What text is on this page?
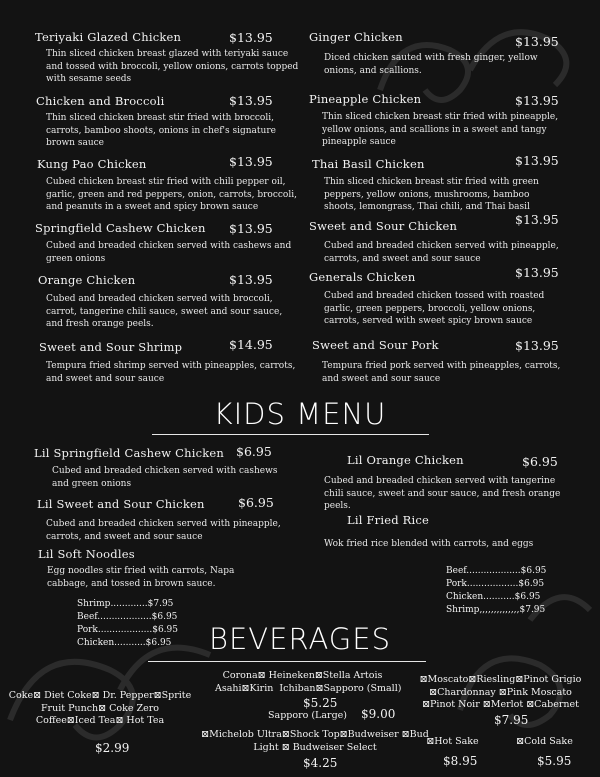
Teriyaki Glazed Chicken	$13.95
Thin sliced chicken breast glazed with teriyaki sauce and tossed with broccoli, yellow onions, carrots topped with sesame seeds
Chicken and Broccoli	$13.95
Thin sliced chicken breast stir fried with broccoli, carrots, bamboo shoots, onions in chef's signature brown sauce
Kung Pao Chicken	$13.95
Cubed chicken breast stir fried with chili pepper oil, garlic, green and red peppers, onion, carrots, broccoli, and peanuts in a sweet and spicy brown sauce
Springfield Cashew Chicken $13.95
Cubed and breaded chicken served with cashews and green onions
Orange Chicken	$13.95
Cubed and breaded chicken served with broccoli, carrot, tangerine chili sauce, sweet and sour sauce, and fresh orange peels.
Sweet and Sour Shrimp	$14.95
Tempura fried shrimp served with pineapples, carrots, and sweet and sour sauce
Ginger Chicken	$13.95
Diced chicken sauted with fresh ginger, yellow onions, and scallions.
Pineapple Chicken	$13.95
Thin sliced chicken breast stir fried with pineapple, yellow onions, and scallions in a sweet and tangy pineapple sauce
Thai Basil Chicken	$13.95
Thin sliced chicken breast stir fried with green peppers, yellow onions, mushrooms, bamboo shoots, lemongrass, Thai chili, and Thai basil
Sweet and Sour Chicken	$13.95
Cubed and breaded chicken served with pineapple, carrots, and sweet and sour sauce
Generals Chicken	$13.95
Cubed and breaded chicken tossed with roasted garlic, green peppers, broccoli, yellow onions, carrots, served with sweet spicy brown sauce
Sweet and Sour Pork	$13.95
Tempura fried pork served with pineapples, carrots, and sweet and sour sauce
KIDS MENU
Lil Springfield Cashew Chicken $6.95
Cubed and breaded chicken served with cashews and green onions
Lil Sweet and Sour Chicken	$6.95
Cubed and breaded chicken served with pineapple, carrots, and sweet and sour sauce
Lil Soft Noodles
Egg noodles stir fried with carrots, Napa cabbage, and tossed in brown sauce.
Shrimp.............$7.95
Beef...................$6.95
Pork...................$6.95
Chicken...........$6.95
Lil Orange Chicken	$6.95
Cubed and breaded chicken served with tangerine chili sauce, sweet and sour sauce, and fresh orange peels.
Lil Fried Rice
Wok fried rice blended with carrots, and eggs
Beef...................$6.95
Pork..................$6.95
Chicken...........$6.95
Shrimp,,,,,,,,,,,,,,$7.95
BEVERAGES
Coke⊠ Diet Coke⊠ Dr. Pepper⊠Sprite
Fruit Punch⊠ Coke Zero
Coffee⊠Iced Tea⊠ Hot Tea
$2.99
Corona⊠ Heineken⊠Stella Artois
Asahi⊠Kirin  Ichiban⊠Sapporo (Small)
$5.25
Sapporo (Large)	$9.00
⊠Michelob Ultra⊠Shock Top⊠Budweiser ⊠Bud
Light ⊠ Budweiser Select
$4.25
⊠Moscato⊠Riesling⊠Pinot Grigio
⊠Chardonnay ⊠Pink Moscato
⊠Pinot Noir ⊠Merlot ⊠Cabernet
$7.95
⊠Hot Sake
$8.95
⊠Cold Sake
$5.95
